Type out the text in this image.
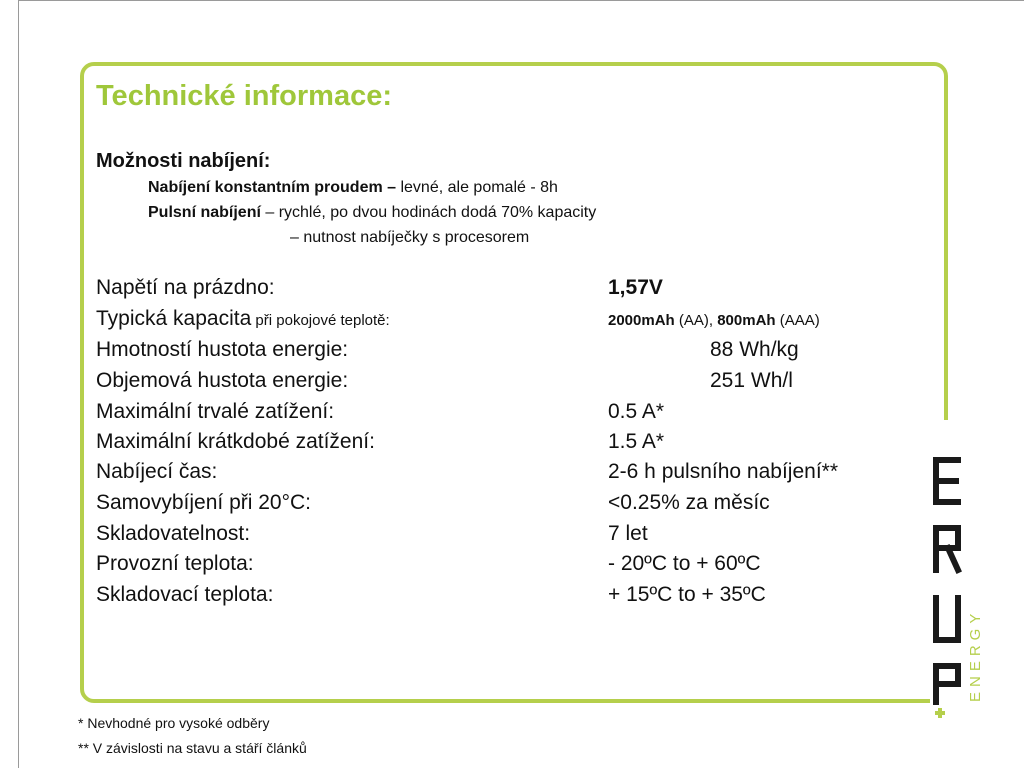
Technické informace:
Možnosti nabíjení:
Nabíjení konstantním proudem – levné, ale pomalé - 8h
Pulsní nabíjení – rychlé, po dvou hodinách dodá 70% kapacity
– nutnost nabíječky s procesorem
Napětí na prázdno:	1,57V
Typická kapacita při pokojové teplotě:	2000mAh (AA), 800mAh (AAA)
Hmotností hustota energie:	88 Wh/kg
Objemová hustota energie:	251 Wh/l
Maximální trvalé zatížení:	0.5 A*
Maximální krátkdobé zatížení:	1.5 A*
Nabíjecí čas:	2-6 h pulsního nabíjení**
Samovybíjení při 20°C:	<0.25% za měsíc
Skladovatelnost:	7 let
Provozní teplota:	- 20ºC to + 60ºC
Skladovací teplota:	+ 15ºC to + 35ºC
* Nevhodné pro vysoké odběry
** V závislosti na stavu a stáří článků
ENERGY
